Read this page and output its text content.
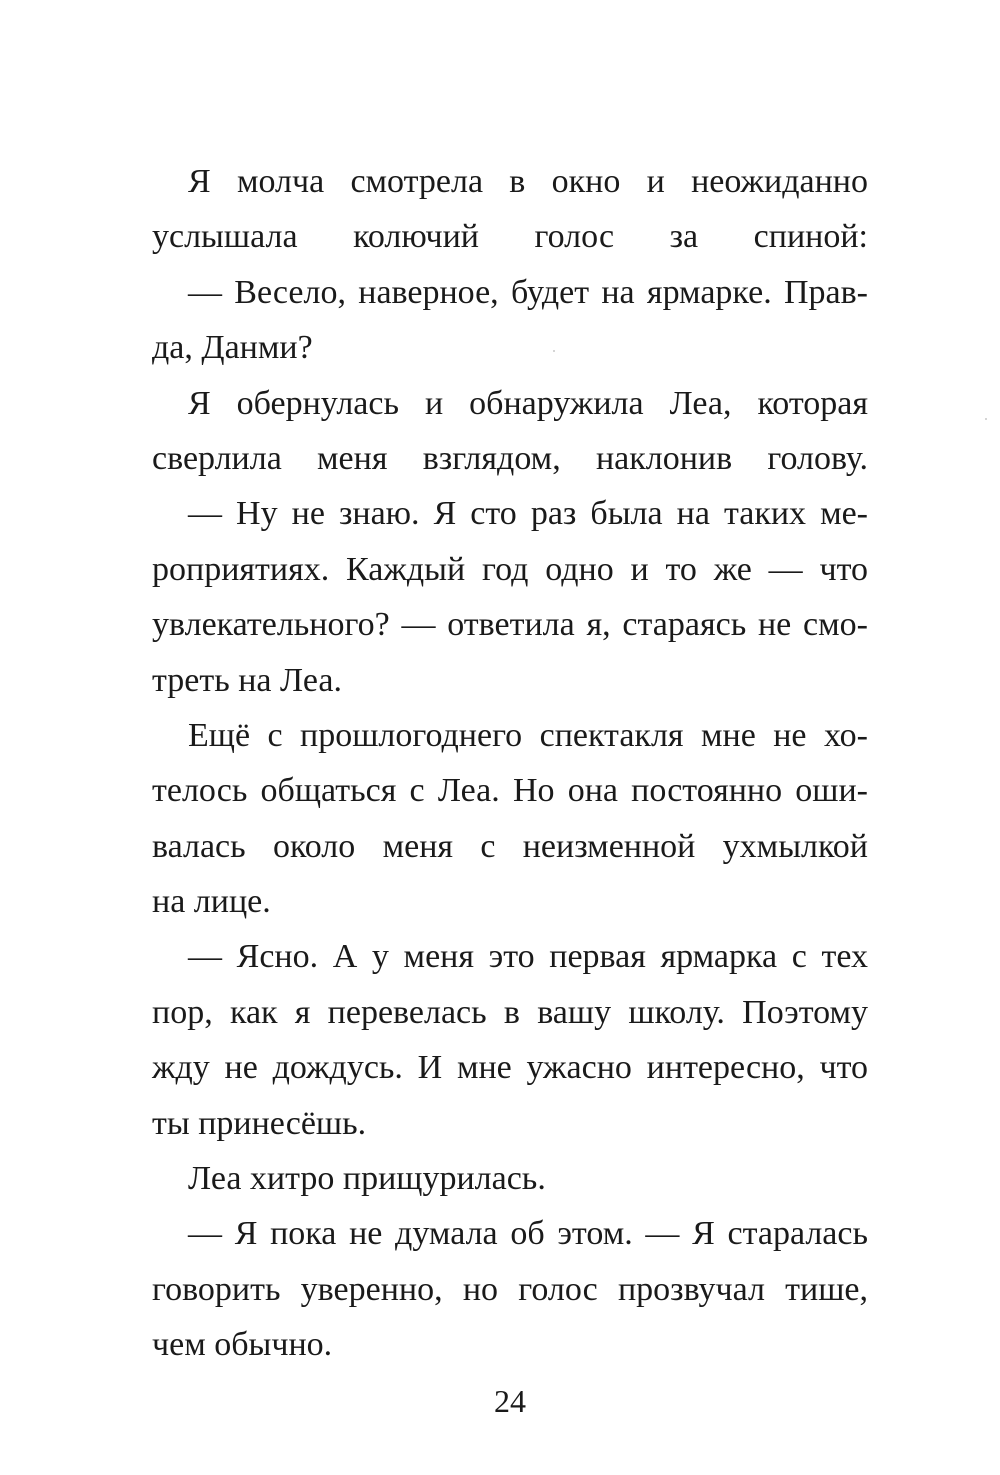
Я молча смотрела в окно и неожиданно
услышала колючий голос за спиной:
— Весело, наверное, будет на ярмарке. Прав-
да, Данми?
Я обернулась и обнаружила Леа, которая
сверлила меня взглядом, наклонив голову.
— Ну не знаю. Я сто раз была на таких ме-
роприятиях. Каждый год одно и то же — что
увлекательного? — ответила я, стараясь не смо-
треть на Леа.
Ещё с прошлогоднего спектакля мне не хо-
телось общаться с Леа. Но она постоянно оши-
валась около меня с неизменной ухмылкой
на лице.
— Ясно. А у меня это первая ярмарка с тех
пор, как я перевелась в вашу школу. Поэтому
жду не дождусь. И мне ужасно интересно, что
ты принесёшь.
Леа хитро прищурилась.
— Я пока не думала об этом. — Я старалась
говорить уверенно, но голос прозвучал тише,
чем обычно.
24
